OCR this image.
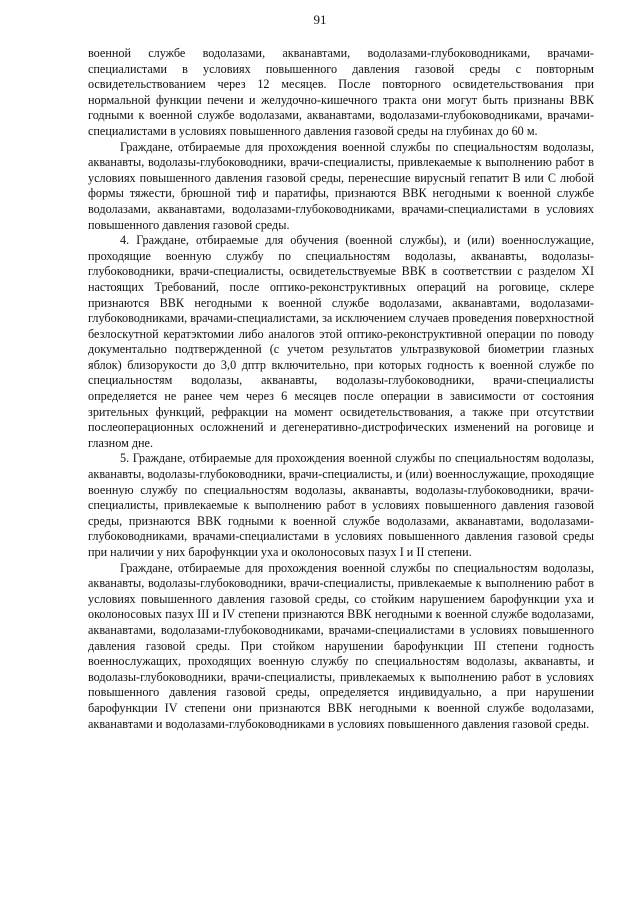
91

военной службе водолазами, акванавтами, водолазами-глубоководниками, врачами-специалистами в условиях повышенного давления газовой среды с повторным освидетельствованием через 12 месяцев. После повторного освидетельствования при нормальной функции печени и желудочно-кишечного тракта они могут быть признаны ВВК годными к военной службе водолазами, акванавтами, водолазами-глубоководниками, врачами-специалистами в условиях повышенного давления газовой среды на глубинах до 60 м.

Граждане, отбираемые для прохождения военной службы по специальностям водолазы, акванавты, водолазы-глубоководники, врачи-специалисты, привлекаемые к выполнению работ в условиях повышенного давления газовой среды, перенесшие вирусный гепатит В или С любой формы тяжести, брюшной тиф и паратифы, признаются ВВК негодными к военной службе водолазами, акванавтами, водолазами-глубоководниками, врачами-специалистами в условиях повышенного давления газовой среды.

4. Граждане, отбираемые для обучения (военной службы), и (или) военнослужащие, проходящие военную службу по специальностям водолазы, акванавты, водолазы-глубоководники, врачи-специалисты, освидетельствуемые ВВК в соответствии с разделом XI настоящих Требований, после оптико-реконструктивных операций на роговице, склере признаются ВВК негодными к военной службе водолазами, акванавтами, водолазами-глубоководниками, врачами-специалистами, за исключением случаев проведения поверхностной безлоскутной кератэктомии либо аналогов этой оптико-реконструктивной операции по поводу документально подтвержденной (с учетом результатов ультразвуковой биометрии глазных яблок) близорукости до 3,0 дптр включительно, при которых годность к военной службе по специальностям водолазы, акванавты, водолазы-глубоководники, врачи-специалисты определяется не ранее чем через 6 месяцев после операции в зависимости от состояния зрительных функций, рефракции на момент освидетельствования, а также при отсутствии послеоперационных осложнений и дегенеративно-дистрофических изменений на роговице и глазном дне.

5. Граждане, отбираемые для прохождения военной службы по специальностям водолазы, акванавты, водолазы-глубоководники, врачи-специалисты, и (или) военнослужащие, проходящие военную службу по специальностям водолазы, акванавты, водолазы-глубоководники, врачи-специалисты, привлекаемые к выполнению работ в условиях повышенного давления газовой среды, признаются ВВК годными к военной службе водолазами, акванавтами, водолазами-глубоководниками, врачами-специалистами в условиях повышенного давления газовой среды при наличии у них барофункции уха и околоносовых пазух I и II степени.

Граждане, отбираемые для прохождения военной службы по специальностям водолазы, акванавты, водолазы-глубоководники, врачи-специалисты, привлекаемые к выполнению работ в условиях повышенного давления газовой среды, со стойким нарушением барофункции уха и околоносовых пазух III и IV степени признаются ВВК негодными к военной службе водолазами, акванавтами, водолазами-глубоководниками, врачами-специалистами в условиях повышенного давления газовой среды. При стойком нарушении барофункции III степени годность военнослужащих, проходящих военную службу по специальностям водолазы, акванавты, и водолазы-глубоководники, врачи-специалисты, привлекаемых к выполнению работ в условиях повышенного давления газовой среды, определяется индивидуально, а при нарушении барофункции IV степени они признаются ВВК негодными к военной службе водолазами, акванавтами и водолазами-глубоководниками в условиях повышенного давления газовой среды.
